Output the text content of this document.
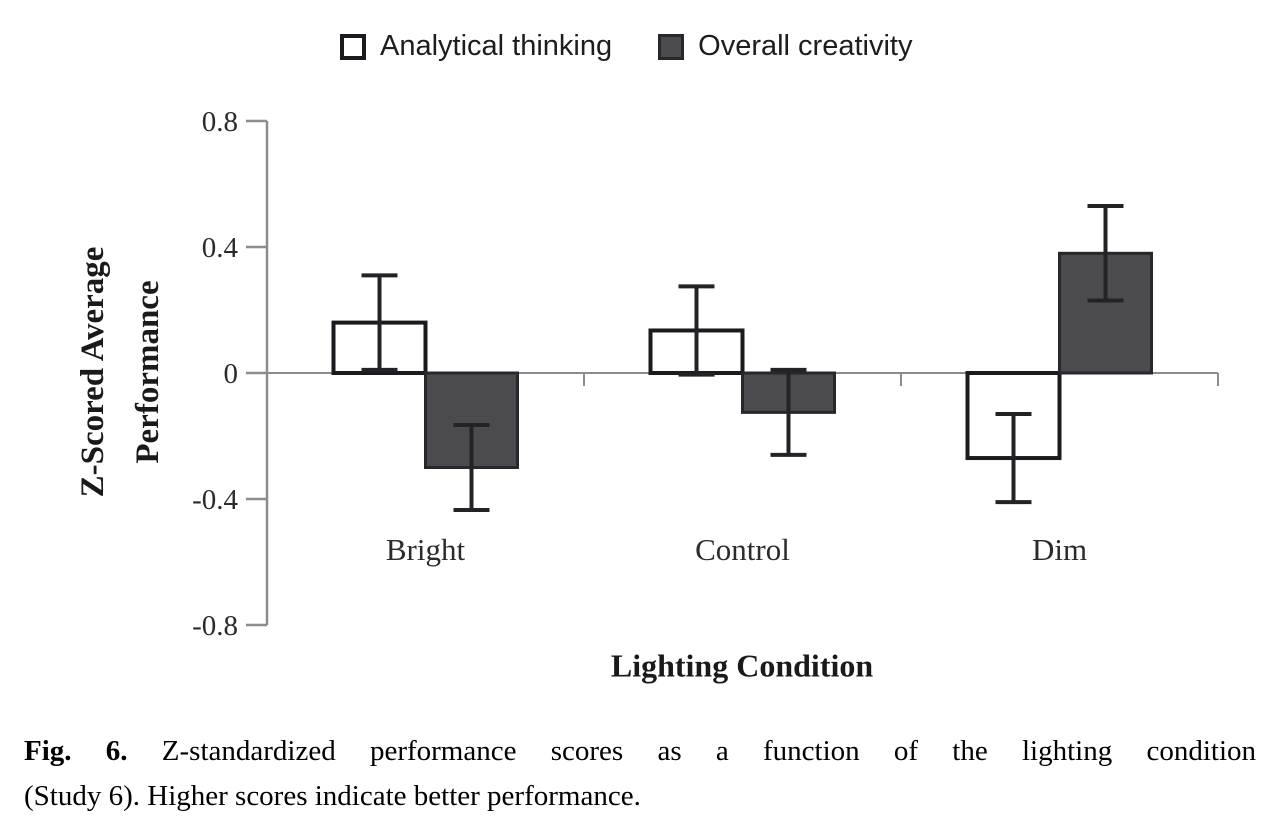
Analytical thinking	Overall creativity
Z-Scored Average Performance
0.8
0.4
0
-0.4
-0.8
Bright	Control	Dim
Lighting Condition
Fig. 6. Z-standardized performance scores as a function of the lighting condition
(Study 6). Higher scores indicate better performance.
